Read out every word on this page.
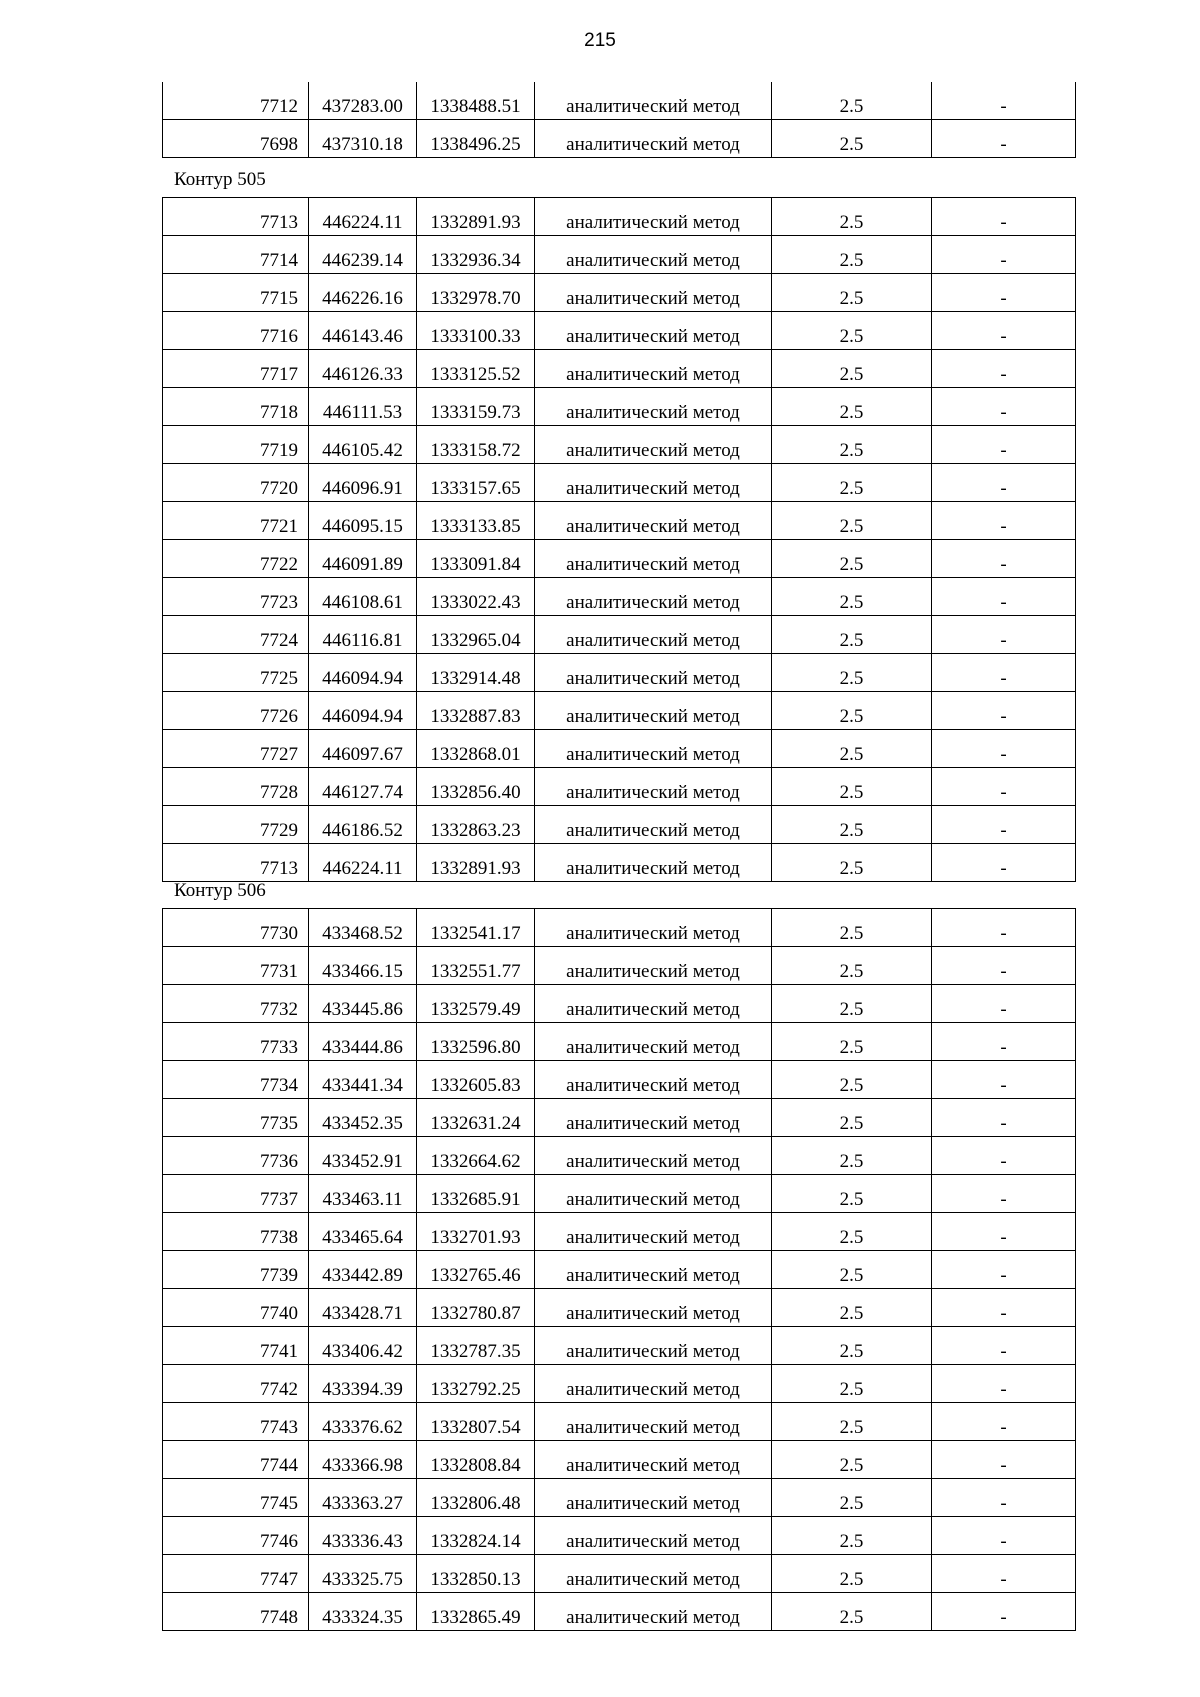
215
7712	437283.00	1338488.51	аналитический метод	2.5	-
7698	437310.18	1338496.25	аналитический метод	2.5	-
Контур 505
7713	446224.11	1332891.93	аналитический метод	2.5	-
7714	446239.14	1332936.34	аналитический метод	2.5	-
7715	446226.16	1332978.70	аналитический метод	2.5	-
7716	446143.46	1333100.33	аналитический метод	2.5	-
7717	446126.33	1333125.52	аналитический метод	2.5	-
7718	446111.53	1333159.73	аналитический метод	2.5	-
7719	446105.42	1333158.72	аналитический метод	2.5	-
7720	446096.91	1333157.65	аналитический метод	2.5	-
7721	446095.15	1333133.85	аналитический метод	2.5	-
7722	446091.89	1333091.84	аналитический метод	2.5	-
7723	446108.61	1333022.43	аналитический метод	2.5	-
7724	446116.81	1332965.04	аналитический метод	2.5	-
7725	446094.94	1332914.48	аналитический метод	2.5	-
7726	446094.94	1332887.83	аналитический метод	2.5	-
7727	446097.67	1332868.01	аналитический метод	2.5	-
7728	446127.74	1332856.40	аналитический метод	2.5	-
7729	446186.52	1332863.23	аналитический метод	2.5	-
7713	446224.11	1332891.93	аналитический метод	2.5	-
Контур 506
7730	433468.52	1332541.17	аналитический метод	2.5	-
7731	433466.15	1332551.77	аналитический метод	2.5	-
7732	433445.86	1332579.49	аналитический метод	2.5	-
7733	433444.86	1332596.80	аналитический метод	2.5	-
7734	433441.34	1332605.83	аналитический метод	2.5	-
7735	433452.35	1332631.24	аналитический метод	2.5	-
7736	433452.91	1332664.62	аналитический метод	2.5	-
7737	433463.11	1332685.91	аналитический метод	2.5	-
7738	433465.64	1332701.93	аналитический метод	2.5	-
7739	433442.89	1332765.46	аналитический метод	2.5	-
7740	433428.71	1332780.87	аналитический метод	2.5	-
7741	433406.42	1332787.35	аналитический метод	2.5	-
7742	433394.39	1332792.25	аналитический метод	2.5	-
7743	433376.62	1332807.54	аналитический метод	2.5	-
7744	433366.98	1332808.84	аналитический метод	2.5	-
7745	433363.27	1332806.48	аналитический метод	2.5	-
7746	433336.43	1332824.14	аналитический метод	2.5	-
7747	433325.75	1332850.13	аналитический метод	2.5	-
7748	433324.35	1332865.49	аналитический метод	2.5	-
